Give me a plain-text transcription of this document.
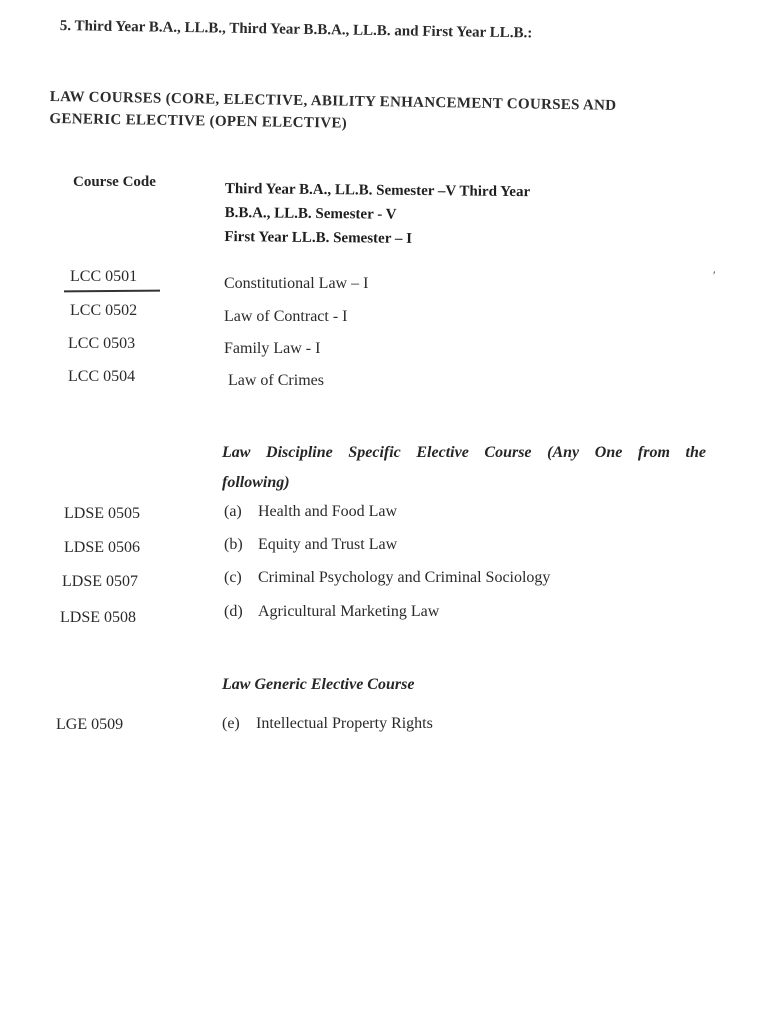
5. Third Year B.A., LL.B., Third Year B.B.A., LL.B. and First Year LL.B.:
LAW COURSES (CORE, ELECTIVE, ABILITY ENHANCEMENT COURSES AND
GENERIC ELECTIVE (OPEN ELECTIVE)
Course Code	Third Year B.A., LL.B. Semester –V Third Year
B.B.A., LL.B. Semester - V
First Year LL.B. Semester – I
′
LCC 0501	Constitutional Law – I
LCC 0502	Law of Contract - I
LCC 0503	Family Law - I
LCC 0504	Law of Crimes
Law Discipline Specific Elective Course (Any One from the following)
LDSE 0505	(a) Health and Food Law
LDSE 0506	(b) Equity and Trust Law
LDSE 0507	(c) Criminal Psychology and Criminal Sociology
LDSE 0508	(d) Agricultural Marketing Law
Law Generic Elective Course
LGE 0509	(e) Intellectual Property Rights
